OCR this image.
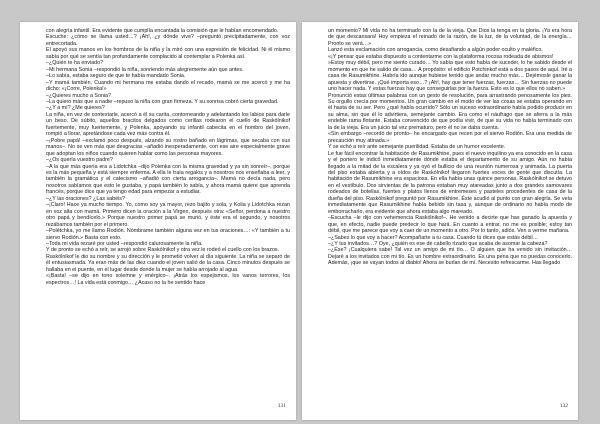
con alegría infantil. Era evidente que cumplía encantada la comisión que le habían encomendado.

Escuche: ¿cómo se llama usted…? ¡Ah!, ¿y dónde vive? –preguntó precipitadamente, con voz entrecortada.

El apoyó sus manos en los hombros de la niña y la miró con una expresión de felicidad. Ni él mismo sabía por qué se sentía tan profundamente complacido al contemplar a Polenka así.

–¿Quién te ha enviado?

–Mi hermana Sonia –respondió la niña, sonriendo más alegremente aún que antes.

–Lo sabía, estaba seguro de que te había mandado Sonia.

–Y mamá también. Cuando mi hermana me estaba dando el recado, mamá se me acercó y me ha dicho: «¡Corre, Polenka!»

–¿Quieres mucho a Sonia?

–La quiero más que a nadie –repuso la niña con gran firmeza. Y su sonrisa cobró cierta gravedad.

–¿Y a mí? ¿Me quieres?

La niña, en vez de contestarle, acercó a él su carita, contorneando y adelantando los labios para darle un beso. De súbito, aquellos bracitos delgados como cerillas rodearon el cuello de Raskólnikof fuertemente, muy fuertemente, y Polenka, apoyando su infantil cabecita en el hombro del joven, rompió a llorar, apretándose cada vez más contra él.

–¡Pobre papá! –exclamó poco después, alzando su rostro bañado en lágrimas, que secaba con sus manos–. No se ven más que desgracias –añadió inesperadamente, con ese aire especialmente grave que adoptan los niños cuando quieren hablar como las personas mayores.

–¿Os quería vuestro padre?

–A la que más quería era a Lidotchka –dijo Polenka con la misma gravedad y ya sin sonreír–, porque es la más pequeña y está siempre enferma. A ella le traía regalos y a nosotros nos enseñaba a leer, y también la gramática y el catecismo –añadió con cierta arrogancia–. Mamá no decía nada, pero nosotros sabíamos que esto le gustaba, y papá también lo sabía, y ahora mamá quiere que aprenda francés, porque dice que ya tengo edad para empezar a estudiar.

–¿Y las oraciones? ¿Las sabéis?

–¡Claro! Hace ya mucho tiempo. Yo, como soy ya mayor, rezo bajito y sola, y Kolia y Lidotchka rezan en voz alta con mamá. Primero dicen la oración a la Virgen, después otra: «Señor, perdona a nuestro otro papá y bendícelo.» Porque nuestro primer papá se murió, y éste era el segundo, y nosotros rezábamos también por el primero.

–Polétchka, yo me llamo Rodión. Nómbrame también alguna vez en tus oraciones…: «Y también a tu siervo Rodión.» Basta con esto.

–Toda mi vida rezaré por usted –respondió calurosamente la niña.

Y de pronto se echó a reír, se arrojó sobre Raskólnikof y otra vez le rodeó el cuello con los brazos.

Raskólnikof le dio su nombre y su dirección y le prometió volver al día siguiente. La niña se separó de él entusiasmada. Ya eran más de las diez cuando el joven salió de la casa. Cinco minutos después se hallaba en el puente, en el lugar desde donde la mujer se había arrojado al agua.

«¡Basta! –se dijo en tono solemne y enérgico–. ¡Atrás los espejismos, los vanos terrores, los espectros…! La vida está conmigo… ¿Acaso no la he sentido hace

131

un momento? Mi vida no ha terminado con la de la vieja. Que Dios la tenga en la gloria. ¡Ya era hora de que descansara! Hoy empieza el reinado de la razón, de la luz, de la voluntad, de la energía… Pronto se verá…»

Lanzó esta exclamación con arrogancia, como desafiando a algún poder oculto y maléfico.

«¡Y pensar que estaba dispuesto a contentarme con la plataforma rocosa rodeada de abismos!

»Estoy muy débil, pero me siento curado… Yo sabía que esto había de suceder, lo he sabido desde el momento en que he salido de casa… A propósito: el edificio Potchinkof está a dos pasos de aquí. Iré a casa de Rasumikhine. Habría ido aunque hubiese tenido que andar mucho más… Dejémosle ganar la apuesta y divertirse. ¡Qué importa eso…? ¡Ah!, hay que tener fuerzas, fuerzas… Sin fuerzas no puede uno hacer nada. Y estas fuerzas hay que conseguirlas por la fuerza. Esto es lo que ellos no saben.»

Pronunció estas últimas palabras con un gesto de resolución, para arrastrando penosamente los pies. Su orgullo crecía por momentos. Un gran cambio en el modo de ver las cosas se estaba operando en él hasta de su ser. Pero ¿qué había ocurrido? Sólo un suceso extraordinario había podido producir en su alma, sin que él lo advirtiera, semejante cambio. Era como el náufrago que se aferra a la más endeble rama flotante. Estaba convencido de que podía vivir, de que su vida no había terminado con la de la vieja. Era un juicio tal vez prematuro, pero él no se daba cuenta.

«Sin embargo –recordó de pronto– he encargado que recen por el siervo Rodión. Era una medida de precaución muy atinada.»

Y se echó a reír ante semejante puerilidad. Estaba de un humor excelente.

Le fue fácil encontrar la habitación de Rasumikhine, pues el nuevo inquilino ya era conocido en la casa y el portero le indicó inmediatamente dónde estaba el departamento de su amigo. Aún no había llegado a la mitad de la escalera y ya oyó el bullicio de una reunión numerosa y animada. La puerta del piso estaba abierta y a oídos de Raskólnikof llegaron fuertes voces de gente que discutía. La habitación de Rasumikhine era espaciosa. En ella había unas quince personas. Raskólnikof se detuvo en el vestíbulo. Dos sirvientas de la patrona estaban muy atareadas junto a dos grandes samovares rodeados de botellas, fuentes y platos llenos de entremeses y pasteles procedentes de casa de la dueña del piso. Raskólnikof preguntó por Rasumikhine. Éste acudió al punto con gran alegría. Se veía inmediatamente que Rasumikhine había bebido sin tasa y, aunque de ordinario no había modo de emborracharlo, era evidente que ahora estaba algo mareado.

–Escucha –le dijo con vehemencia Raskólnikof–. He venido a decirte que has ganado la apuesta y que, en efecto, nadie puede predecir lo que hará. En cuanto a entrar, no me es posible; estoy tan débil, que me parece que voy a caer de un momento a otro. Por lo tanto, adiós. Ven a verme mañana.

–¿Sabes lo que voy a hacer? Acompañarte a tu casa. Cuando tú dices que estás débil…

–¿Y tus invitados…? Oye, ¿quién es ese de cabello rizado que acaba de asomar la cabeza?

–¿Ése? ¡Cualquiera sabe! Tal vez un amigo de mi tío… O alguien que ha venido sin invitación… Dejaré a los invitados con mi tío. Es un hombre extraordinario. Es una pena que no puedas conocerlo. Además, ¡que se vayan todos al diablo! Ahora se burlan de mí. Necesito refrescarme. Has llegado

132
